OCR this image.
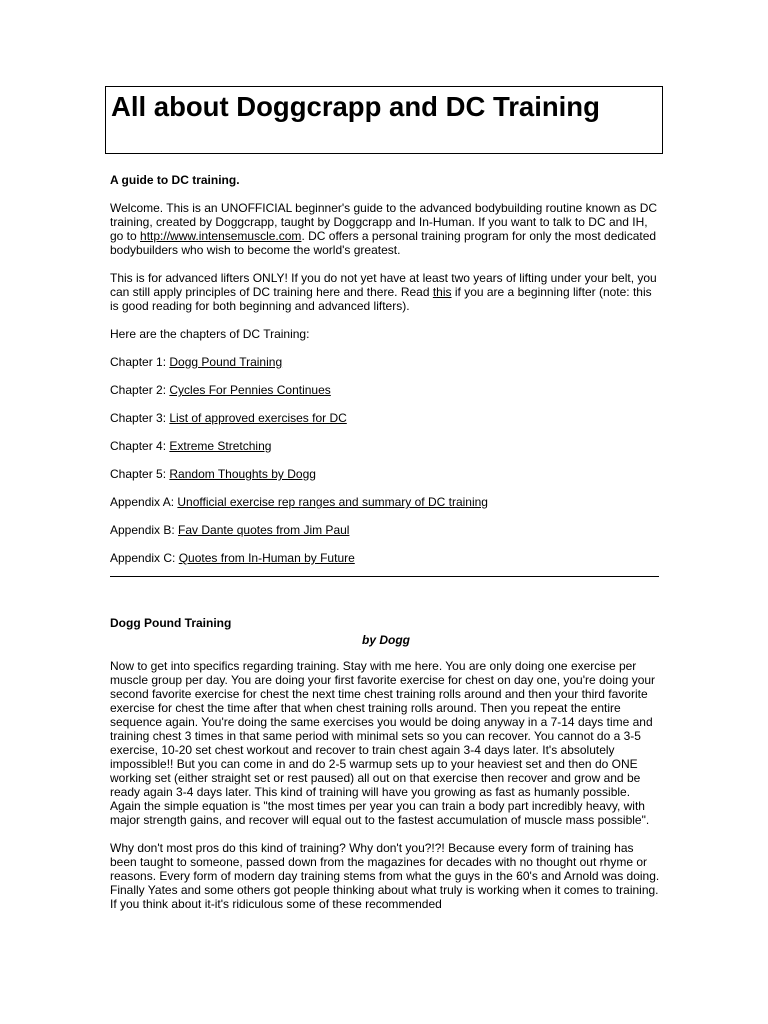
All about Doggcrapp and DC Training

A guide to DC training.

Welcome. This is an UNOFFICIAL beginner's guide to the advanced bodybuilding routine known as DC training, created by Doggcrapp, taught by Doggcrapp and In-Human. If you want to talk to DC and IH, go to http://www.intensemuscle.com. DC offers a personal training program for only the most dedicated bodybuilders who wish to become the world's greatest.

This is for advanced lifters ONLY! If you do not yet have at least two years of lifting under your belt, you can still apply principles of DC training here and there. Read this if you are a beginning lifter (note: this is good reading for both beginning and advanced lifters).

Here are the chapters of DC Training:

Chapter 1: Dogg Pound Training

Chapter 2: Cycles For Pennies Continues

Chapter 3: List of approved exercises for DC

Chapter 4: Extreme Stretching

Chapter 5: Random Thoughts by Dogg

Appendix A: Unofficial exercise rep ranges and summary of DC training

Appendix B: Fav Dante quotes from Jim Paul

Appendix C: Quotes from In-Human by Future

Dogg Pound Training

by Dogg

Now to get into specifics regarding training. Stay with me here. You are only doing one exercise per muscle group per day. You are doing your first favorite exercise for chest on day one, you're doing your second favorite exercise for chest the next time chest training rolls around and then your third favorite exercise for chest the time after that when chest training rolls around. Then you repeat the entire sequence again. You're doing the same exercises you would be doing anyway in a 7-14 days time and training chest 3 times in that same period with minimal sets so you can recover. You cannot do a 3-5 exercise, 10-20 set chest workout and recover to train chest again 3-4 days later. It's absolutely impossible!! But you can come in and do 2-5 warmup sets up to your heaviest set and then do ONE working set (either straight set or rest paused) all out on that exercise then recover and grow and be ready again 3-4 days later. This kind of training will have you growing as fast as humanly possible. Again the simple equation is "the most times per year you can train a body part incredibly heavy, with major strength gains, and recover will equal out to the fastest accumulation of muscle mass possible".

Why don't most pros do this kind of training? Why don't you?!?! Because every form of training has been taught to someone, passed down from the magazines for decades with no thought out rhyme or reasons. Every form of modern day training stems from what the guys in the 60's and Arnold was doing. Finally Yates and some others got people thinking about what truly is working when it comes to training. If you think about it-it's ridiculous some of these recommended
